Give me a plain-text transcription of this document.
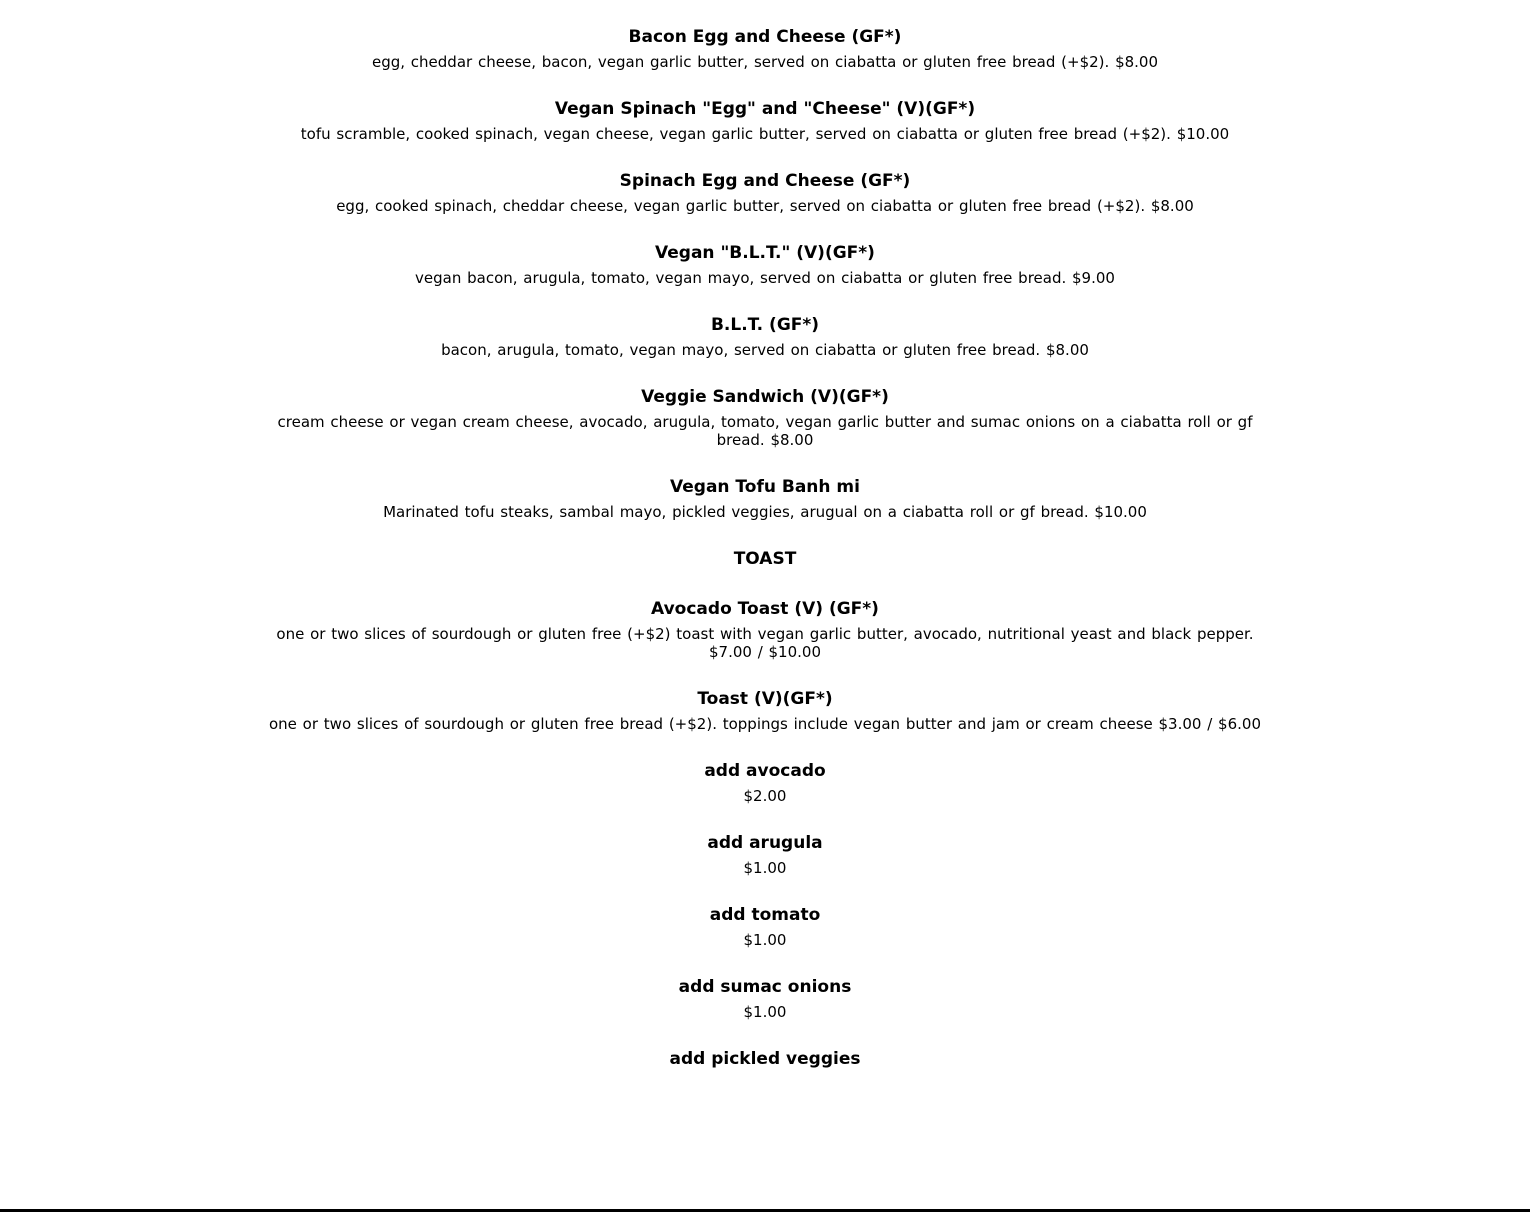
Bacon Egg and Cheese (GF*)
egg, cheddar cheese, bacon, vegan garlic butter, served on ciabatta or gluten free bread (+$2). $8.00
Vegan Spinach "Egg" and "Cheese" (V)(GF*)
tofu scramble, cooked spinach, vegan cheese, vegan garlic butter, served on ciabatta or gluten free bread (+$2). $10.00
Spinach Egg and Cheese (GF*)
egg, cooked spinach, cheddar cheese, vegan garlic butter, served on ciabatta or gluten free bread (+$2). $8.00
Vegan "B.L.T." (V)(GF*)
vegan bacon, arugula, tomato, vegan mayo, served on ciabatta or gluten free bread. $9.00
B.L.T. (GF*)
bacon, arugula, tomato, vegan mayo, served on ciabatta or gluten free bread. $8.00
Veggie Sandwich (V)(GF*)
cream cheese or vegan cream cheese, avocado, arugula, tomato, vegan garlic butter and sumac onions on a ciabatta roll or gf bread. $8.00
Vegan Tofu Banh mi
Marinated tofu steaks, sambal mayo, pickled veggies, arugual on a ciabatta roll or gf bread. $10.00
TOAST
Avocado Toast (V) (GF*)
one or two slices of sourdough or gluten free (+$2) toast with vegan garlic butter, avocado, nutritional yeast and black pepper. $7.00 / $10.00
Toast (V)(GF*)
one or two slices of sourdough or gluten free bread (+$2). toppings include vegan butter and jam or cream cheese $3.00 / $6.00
add avocado
$2.00
add arugula
$1.00
add tomato
$1.00
add sumac onions
$1.00
add pickled veggies
